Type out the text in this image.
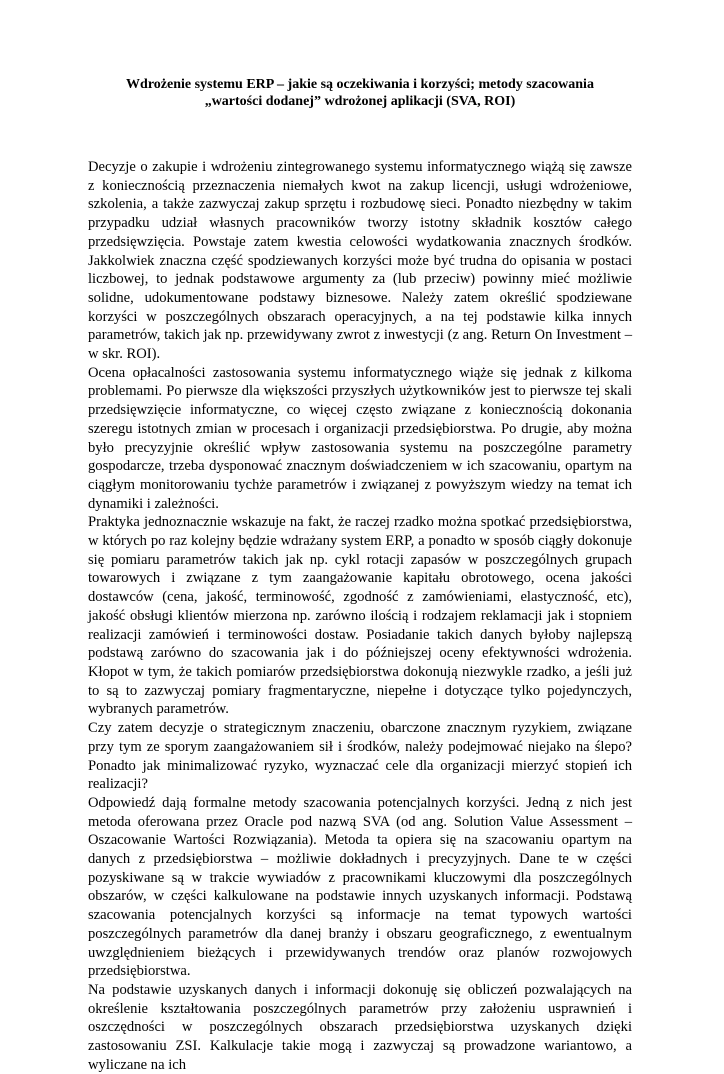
Wdrożenie systemu ERP – jakie są oczekiwania i korzyści; metody szacowania
„wartości dodanej” wdrożonej aplikacji (SVA, ROI)

Decyzje o zakupie i wdrożeniu zintegrowanego systemu informatycznego wiążą się zawsze z koniecznością przeznaczenia niemałych kwot na zakup licencji, usługi wdrożeniowe, szkolenia, a także zazwyczaj zakup sprzętu i rozbudowę sieci. Ponadto niezbędny w takim przypadku udział własnych pracowników tworzy istotny składnik kosztów całego przedsięwzięcia. Powstaje zatem kwestia celowości wydatkowania znacznych środków. Jakkolwiek znaczna część spodziewanych korzyści może być trudna do opisania w postaci liczbowej, to jednak podstawowe argumenty za (lub przeciw) powinny mieć możliwie solidne, udokumentowane podstawy biznesowe. Należy zatem określić spodziewane korzyści w poszczególnych obszarach operacyjnych, a na tej podstawie kilka innych parametrów, takich jak np. przewidywany zwrot z inwestycji (z ang. Return On Investment – w skr. ROI).

Ocena opłacalności zastosowania systemu informatycznego wiąże się jednak z kilkoma problemami. Po pierwsze dla większości przyszłych użytkowników jest to pierwsze tej skali przedsięwzięcie informatyczne, co więcej często związane z koniecznością dokonania szeregu istotnych zmian w procesach i organizacji przedsiębiorstwa. Po drugie, aby można było precyzyjnie określić wpływ zastosowania systemu na poszczególne parametry gospodarcze, trzeba dysponować znacznym doświadczeniem w ich szacowaniu, opartym na ciągłym monitorowaniu tychże parametrów i związanej z powyższym wiedzy na temat ich dynamiki i zależności.

Praktyka jednoznacznie wskazuje na fakt, że raczej rzadko można spotkać przedsiębiorstwa, w których po raz kolejny będzie wdrażany system ERP, a ponadto w sposób ciągły dokonuje się pomiaru parametrów takich jak np. cykl rotacji zapasów w poszczególnych grupach towarowych i związane z tym zaangażowanie kapitału obrotowego, ocena jakości dostawców (cena, jakość, terminowość, zgodność z zamówieniami, elastyczność, etc), jakość obsługi klientów mierzona np. zarówno ilością i rodzajem reklamacji jak i stopniem realizacji zamówień i terminowości dostaw. Posiadanie takich danych byłoby najlepszą podstawą zarówno do szacowania jak i do późniejszej oceny efektywności wdrożenia. Kłopot w tym, że takich pomiarów przedsiębiorstwa dokonują niezwykle rzadko, a jeśli już to są to zazwyczaj pomiary fragmentaryczne, niepełne i dotyczące tylko pojedynczych, wybranych parametrów.

Czy zatem decyzje o strategicznym znaczeniu, obarczone znacznym ryzykiem, związane przy tym ze sporym zaangażowaniem sił i środków, należy podejmować niejako na ślepo? Ponadto jak minimalizować ryzyko, wyznaczać cele dla organizacji mierzyć stopień ich realizacji?

Odpowiedź dają formalne metody szacowania potencjalnych korzyści. Jedną z nich jest metoda oferowana przez Oracle pod nazwą SVA (od ang. Solution Value Assessment – Oszacowanie Wartości Rozwiązania). Metoda ta opiera się na szacowaniu opartym na danych z przedsiębiorstwa – możliwie dokładnych i precyzyjnych. Dane te w części pozyskiwane są w trakcie wywiadów z pracownikami kluczowymi dla poszczególnych obszarów, w części kalkulowane na podstawie innych uzyskanych informacji. Podstawą szacowania potencjalnych korzyści są informacje na temat typowych wartości poszczególnych parametrów dla danej branży i obszaru geograficznego, z ewentualnym uwzględnieniem bieżących i przewidywanych trendów oraz planów rozwojowych przedsiębiorstwa.

Na podstawie uzyskanych danych i informacji dokonuję się obliczeń pozwalających na określenie kształtowania poszczególnych parametrów przy założeniu usprawnień i oszczędności w poszczególnych obszarach przedsiębiorstwa uzyskanych dzięki zastosowaniu ZSI. Kalkulacje takie mogą i zazwyczaj są prowadzone wariantowo, a wyliczane na ich
